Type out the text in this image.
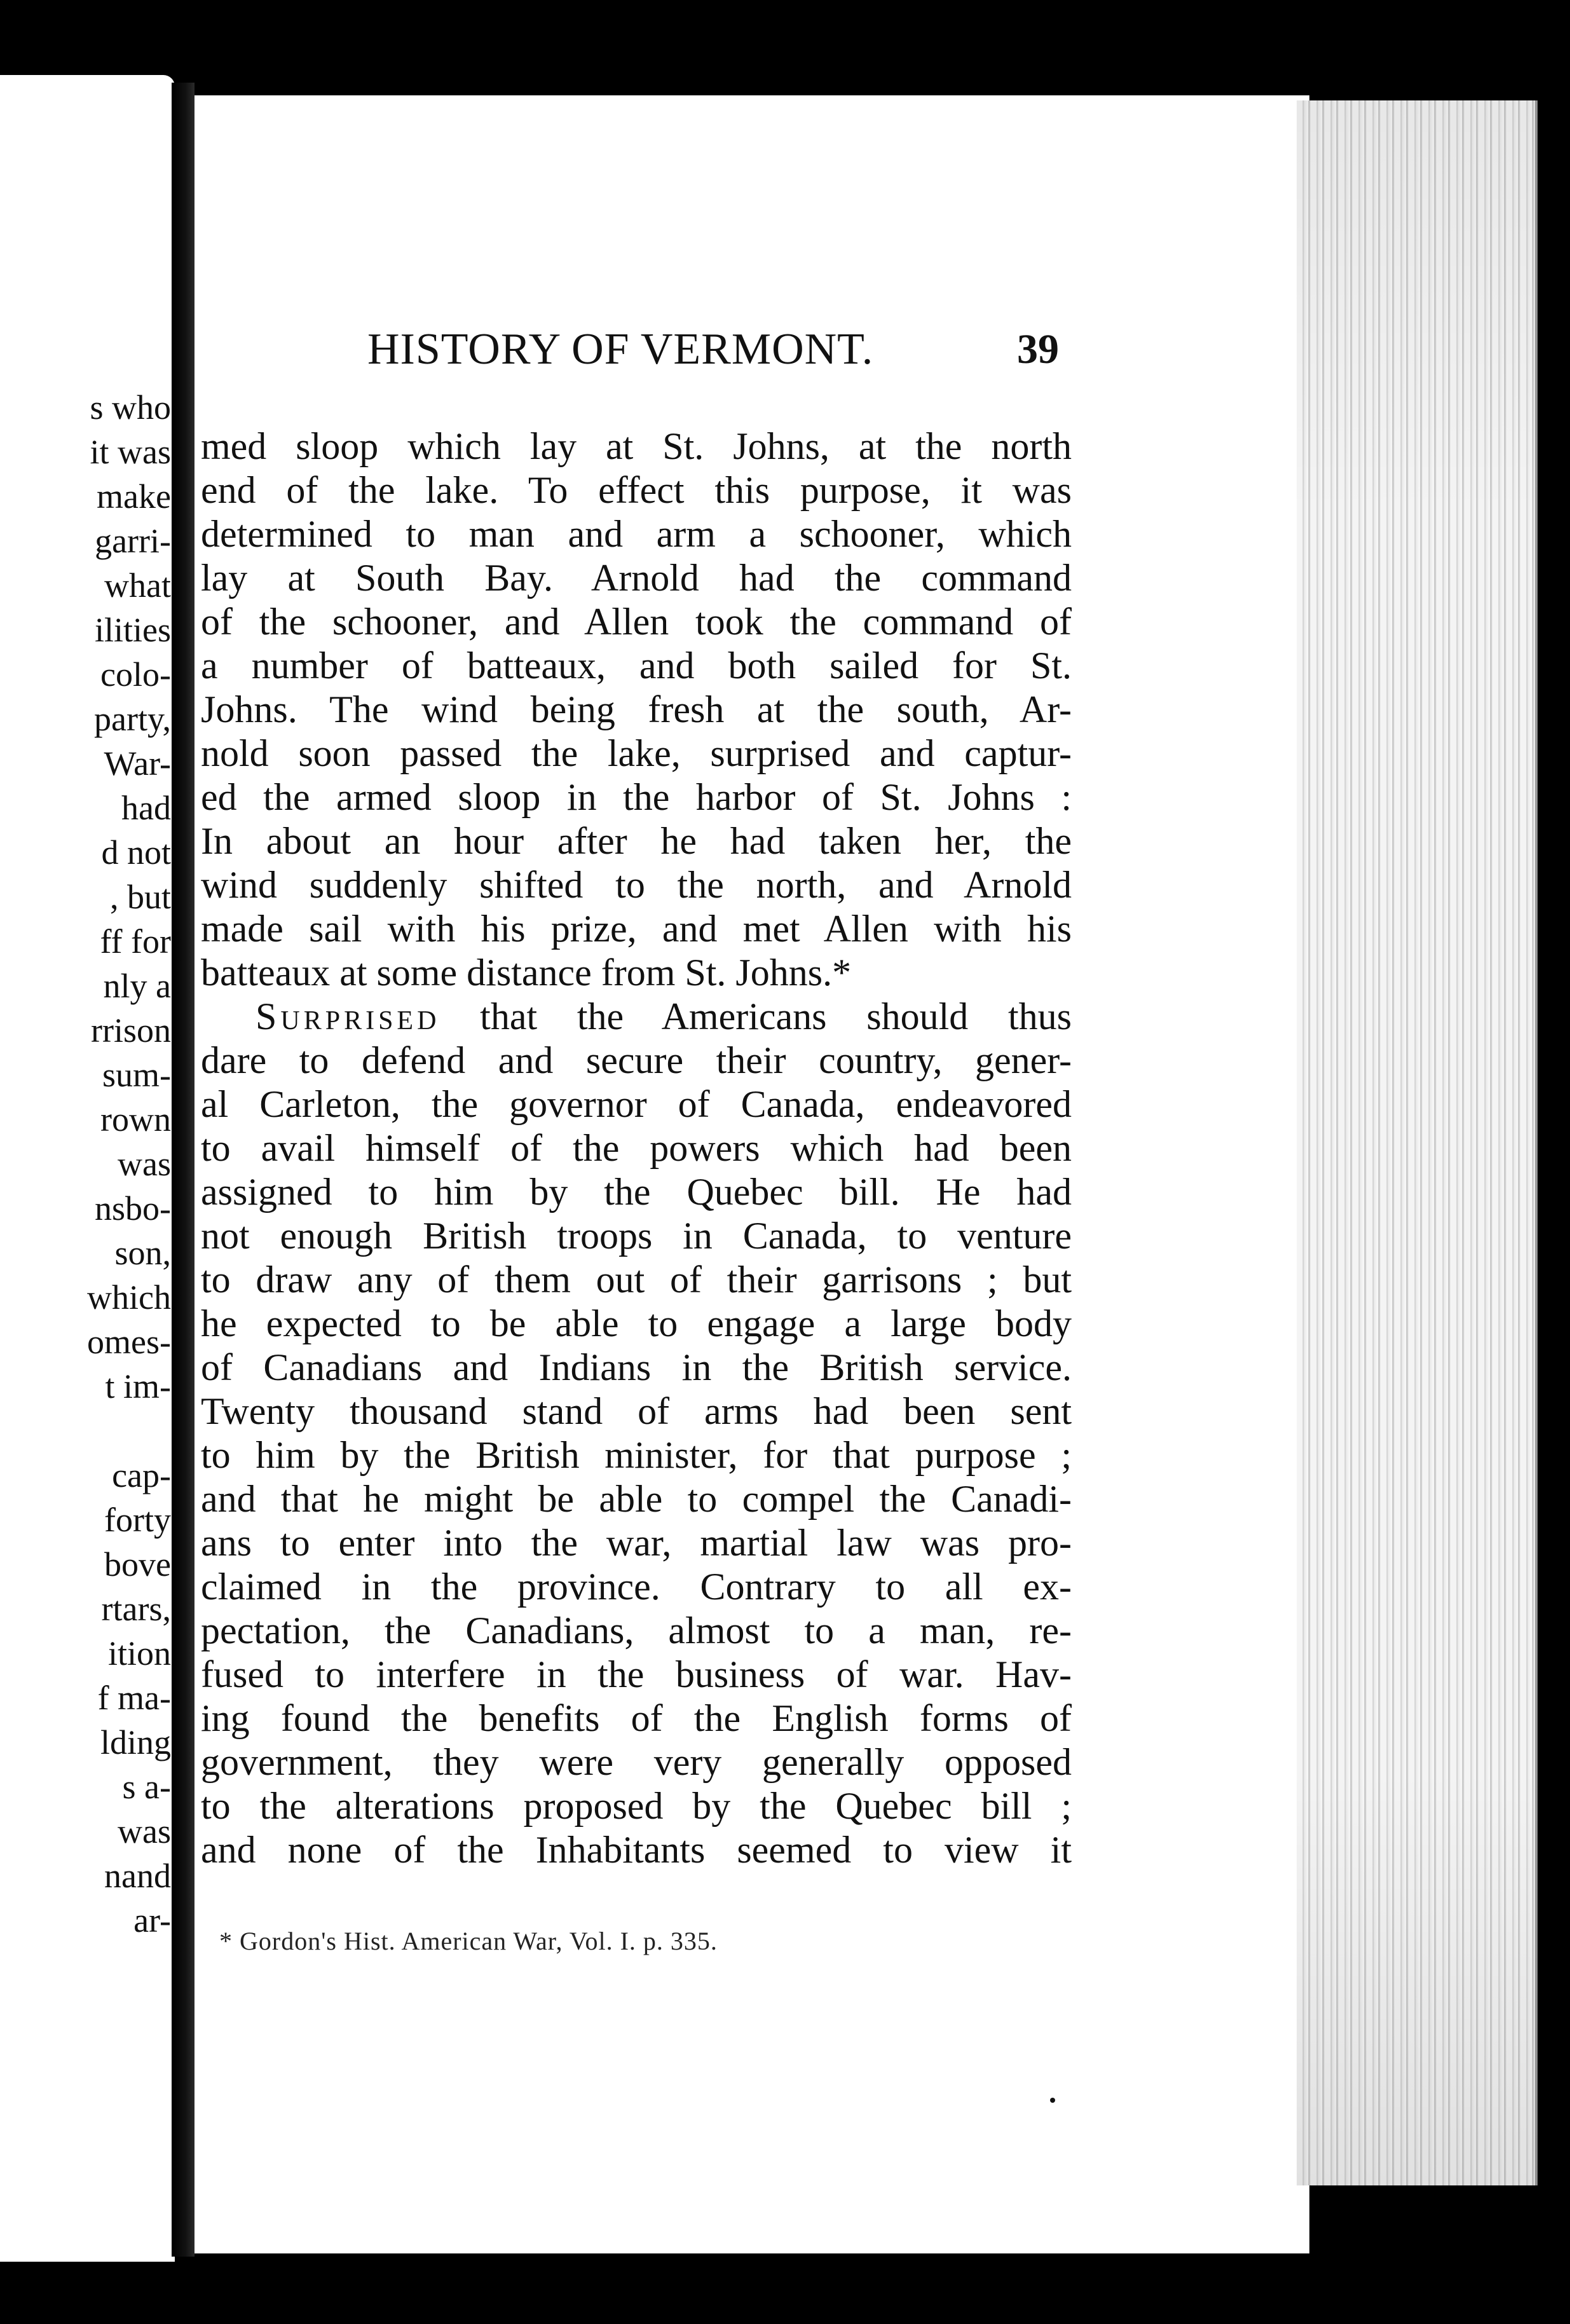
s who
it was
make
garri-
what
ilities
colo-
party,
War-
had
d not
, but
ff for
nly a
rrison
sum-
rown
was
nsbo-
son,
which
omes-
t im-
cap-
forty
bove
rtars,
ition
f ma-
lding
s a-
was
nand
ar-
HISTORY OF VERMONT.	39
med sloop which lay at St. Johns, at the north
end of the lake. To effect this purpose, it was
determined to man and arm a schooner, which
lay at South Bay. Arnold had the command
of the schooner, and Allen took the command of
a number of batteaux, and both sailed for St.
Johns. The wind being fresh at the south, Ar-
nold soon passed the lake, surprised and captur-
ed the armed sloop in the harbor of St. Johns :
In about an hour after he had taken her, the
wind suddenly shifted to the north, and Arnold
made sail with his prize, and met Allen with his
batteaux at some distance from St. Johns.*
Surprised that the Americans should thus
dare to defend and secure their country, gener-
al Carleton, the governor of Canada, endeavored
to avail himself of the powers which had been
assigned to him by the Quebec bill. He had
not enough British troops in Canada, to venture
to draw any of them out of their garrisons ; but
he expected to be able to engage a large body
of Canadians and Indians in the British service.
Twenty thousand stand of arms had been sent
to him by the British minister, for that purpose ;
and that he might be able to compel the Canadi-
ans to enter into the war, martial law was pro-
claimed in the province. Contrary to all ex-
pectation, the Canadians, almost to a man, re-
fused to interfere in the business of war. Hav-
ing found the benefits of the English forms of
government, they were very generally opposed
to the alterations proposed by the Quebec bill ;
and none of the Inhabitants seemed to view it
* Gordon's Hist. American War, Vol. I. p. 335.
